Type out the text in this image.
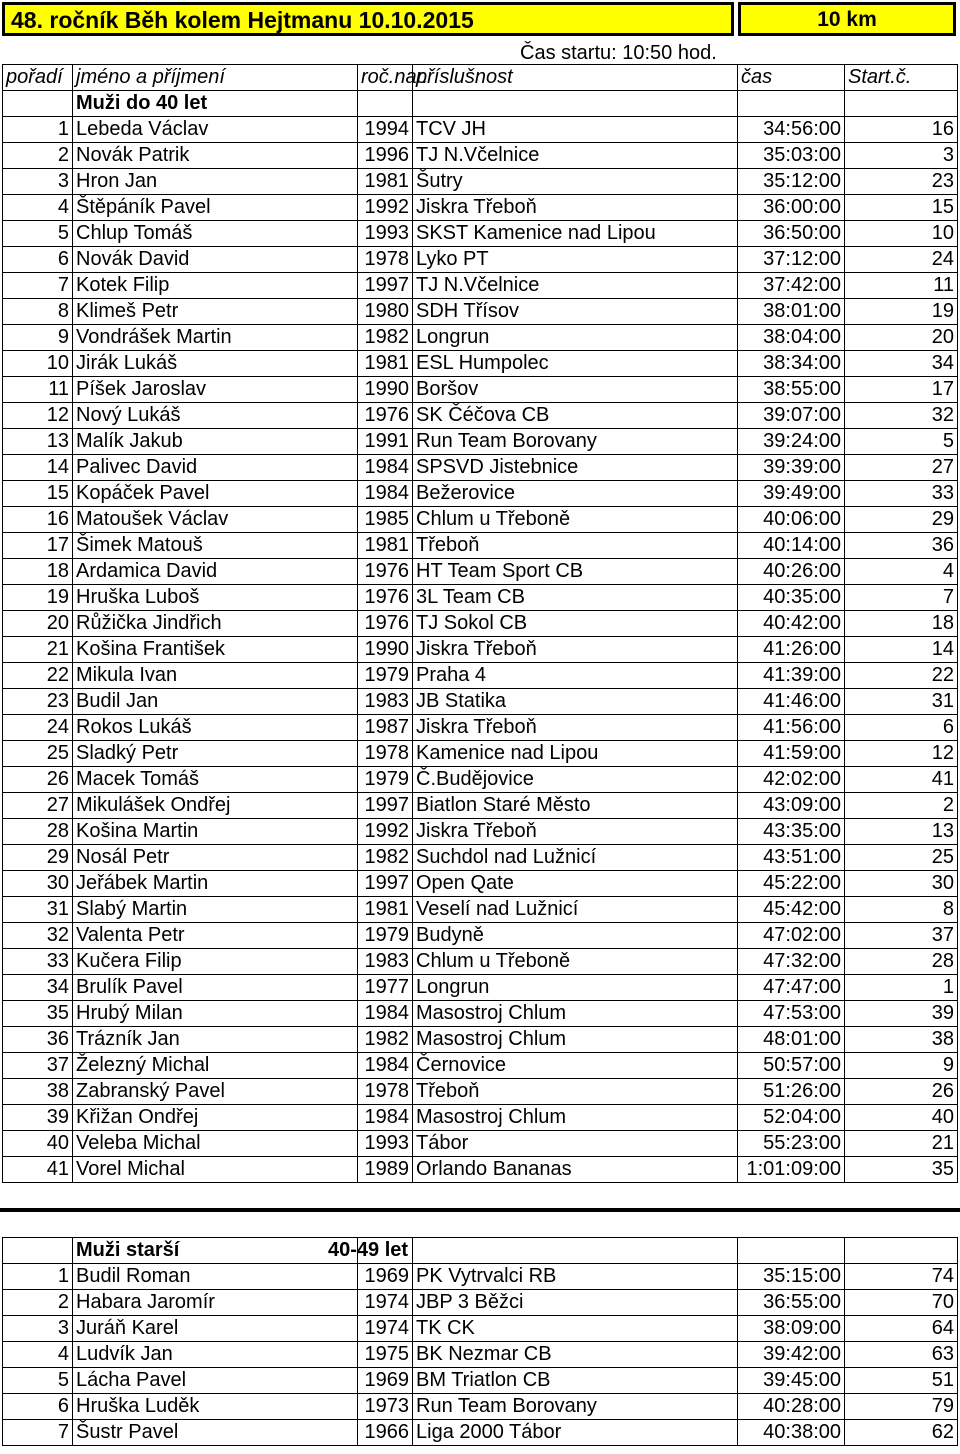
48. ročník Běh kolem Hejtmanu 10.10.2015	10 km
Čas startu: 10:50 hod.
pořadí	jméno a příjmení	roč.nar.	příslušnost	čas	Start.č.
	Muži do 40 let				
1	Lebeda Václav	1994	TCV JH	34:56:00	16
2	Novák Patrik	1996	TJ N.Včelnice	35:03:00	3
3	Hron Jan	1981	Šutry	35:12:00	23
4	Štěpáník Pavel	1992	Jiskra Třeboň	36:00:00	15
5	Chlup Tomáš	1993	SKST Kamenice nad Lipou	36:50:00	10
6	Novák David	1978	Lyko PT	37:12:00	24
7	Kotek Filip	1997	TJ N.Včelnice	37:42:00	11
8	Klimeš Petr	1980	SDH Třísov	38:01:00	19
9	Vondrášek Martin	1982	Longrun	38:04:00	20
10	Jirák Lukáš	1981	ESL Humpolec	38:34:00	34
11	Píšek Jaroslav	1990	Boršov	38:55:00	17
12	Nový Lukáš	1976	SK Čéčova CB	39:07:00	32
13	Malík Jakub	1991	Run Team Borovany	39:24:00	5
14	Palivec David	1984	SPSVD Jistebnice	39:39:00	27
15	Kopáček Pavel	1984	Bežerovice	39:49:00	33
16	Matoušek Václav	1985	Chlum u Třeboně	40:06:00	29
17	Šimek Matouš	1981	Třeboň	40:14:00	36
18	Ardamica David	1976	HT Team Sport CB	40:26:00	4
19	Hruška Luboš	1976	3L Team CB	40:35:00	7
20	Růžička Jindřich	1976	TJ Sokol CB	40:42:00	18
21	Košina František	1990	Jiskra Třeboň	41:26:00	14
22	Mikula Ivan	1979	Praha 4	41:39:00	22
23	Budil Jan	1983	JB Statika	41:46:00	31
24	Rokos Lukáš	1987	Jiskra Třeboň	41:56:00	6
25	Sladký Petr	1978	Kamenice nad Lipou	41:59:00	12
26	Macek Tomáš	1979	Č.Budějovice	42:02:00	41
27	Mikulášek Ondřej	1997	Biatlon Staré Město	43:09:00	2
28	Košina Martin	1992	Jiskra Třeboň	43:35:00	13
29	Nosál Petr	1982	Suchdol nad Lužnicí	43:51:00	25
30	Jeřábek Martin	1997	Open Qate	45:22:00	30
31	Slabý Martin	1981	Veselí nad Lužnicí	45:42:00	8
32	Valenta Petr	1979	Budyně	47:02:00	37
33	Kučera Filip	1983	Chlum u Třeboně	47:32:00	28
34	Brulík Pavel	1977	Longrun	47:47:00	1
35	Hrubý Milan	1984	Masostroj Chlum	47:53:00	39
36	Trázník Jan	1982	Masostroj Chlum	48:01:00	38
37	Železný Michal	1984	Černovice	50:57:00	9
38	Zabranský Pavel	1978	Třeboň	51:26:00	26
39	Křižan Ondřej	1984	Masostroj Chlum	52:04:00	40
40	Veleba Michal	1993	Tábor	55:23:00	21
41	Vorel Michal	1989	Orlando Bananas	1:01:09:00	35
	Muži starší		40-49 let		

1	Budil Roman	1969	PK Vytrvalci RB	35:15:00	74
2	Habara Jaromír	1974	JBP 3 Běžci	36:55:00	70
3	Juráň Karel	1974	TK CK	38:09:00	64
4	Ludvík Jan	1975	BK Nezmar CB	39:42:00	63
5	Lácha Pavel	1969	BM Triatlon CB	39:45:00	51
6	Hruška Luděk	1973	Run Team Borovany	40:28:00	79
7	Šustr Pavel	1966	Liga 2000 Tábor	40:38:00	62
